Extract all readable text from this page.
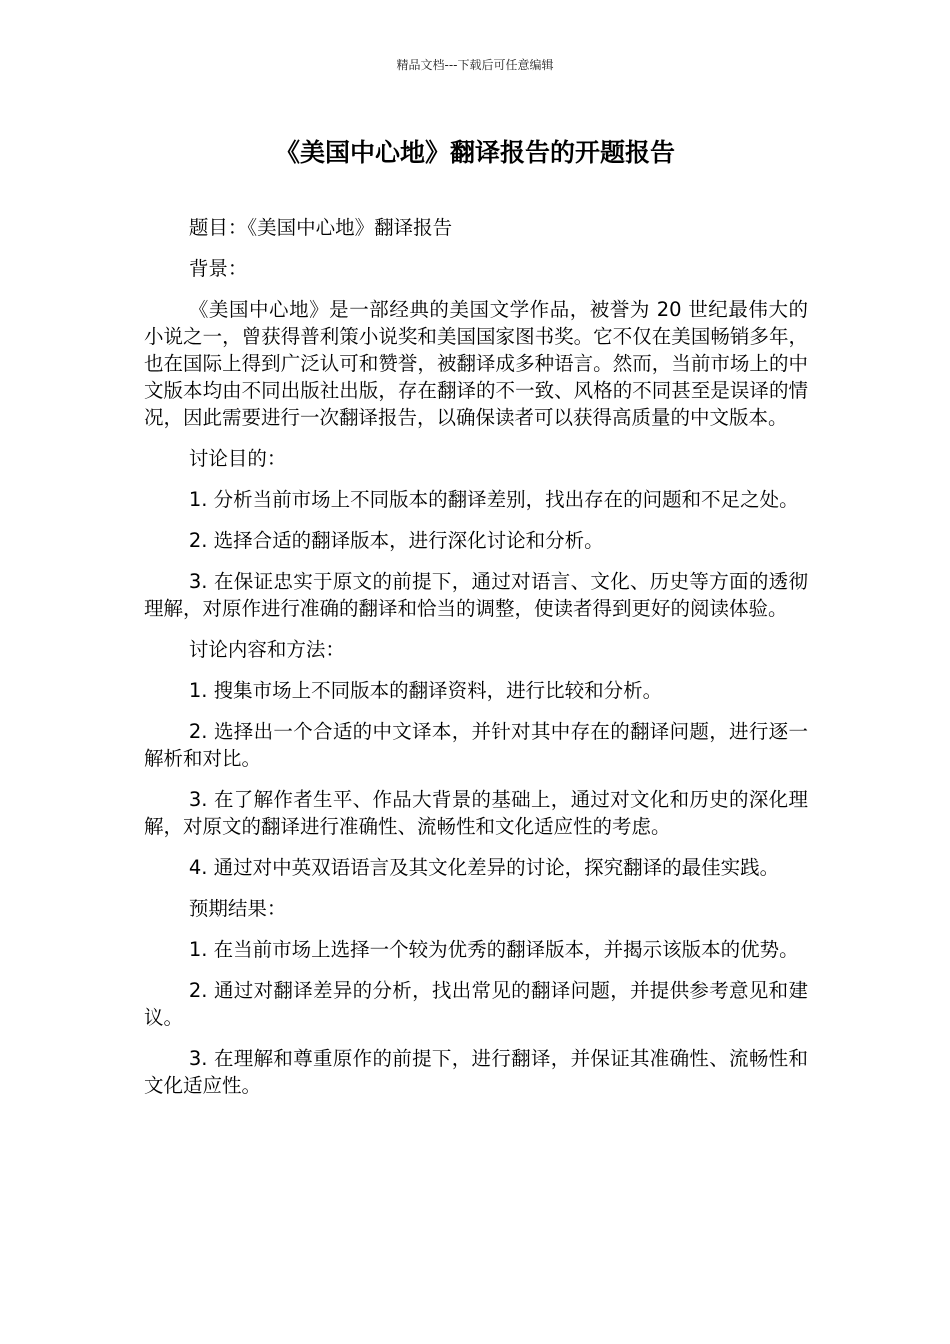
精品文档---下载后可任意编辑
《美国中心地》翻译报告的开题报告

题目：《美国中心地》翻译报告

背景：

《美国中心地》是一部经典的美国文学作品，被誉为 20 世纪最伟大的小说之一，曾获得普利策小说奖和美国国家图书奖。它不仅在美国畅销多年，也在国际上得到广泛认可和赞誉，被翻译成多种语言。然而，当前市场上的中文版本均由不同出版社出版，存在翻译的不一致、风格的不同甚至是误译的情况，因此需要进行一次翻译报告，以确保读者可以获得高质量的中文版本。

讨论目的：

1. 分析当前市场上不同版本的翻译差别，找出存在的问题和不足之处。

2. 选择合适的翻译版本，进行深化讨论和分析。

3. 在保证忠实于原文的前提下，通过对语言、文化、历史等方面的透彻理解，对原作进行准确的翻译和恰当的调整，使读者得到更好的阅读体验。

讨论内容和方法：

1. 搜集市场上不同版本的翻译资料，进行比较和分析。

2. 选择出一个合适的中文译本，并针对其中存在的翻译问题，进行逐一解析和对比。

3. 在了解作者生平、作品大背景的基础上，通过对文化和历史的深化理解，对原文的翻译进行准确性、流畅性和文化适应性的考虑。

4. 通过对中英双语语言及其文化差异的讨论，探究翻译的最佳实践。

预期结果：

1. 在当前市场上选择一个较为优秀的翻译版本，并揭示该版本的优势。

2. 通过对翻译差异的分析，找出常见的翻译问题，并提供参考意见和建议。

3. 在理解和尊重原作的前提下，进行翻译，并保证其准确性、流畅性和文化适应性。
